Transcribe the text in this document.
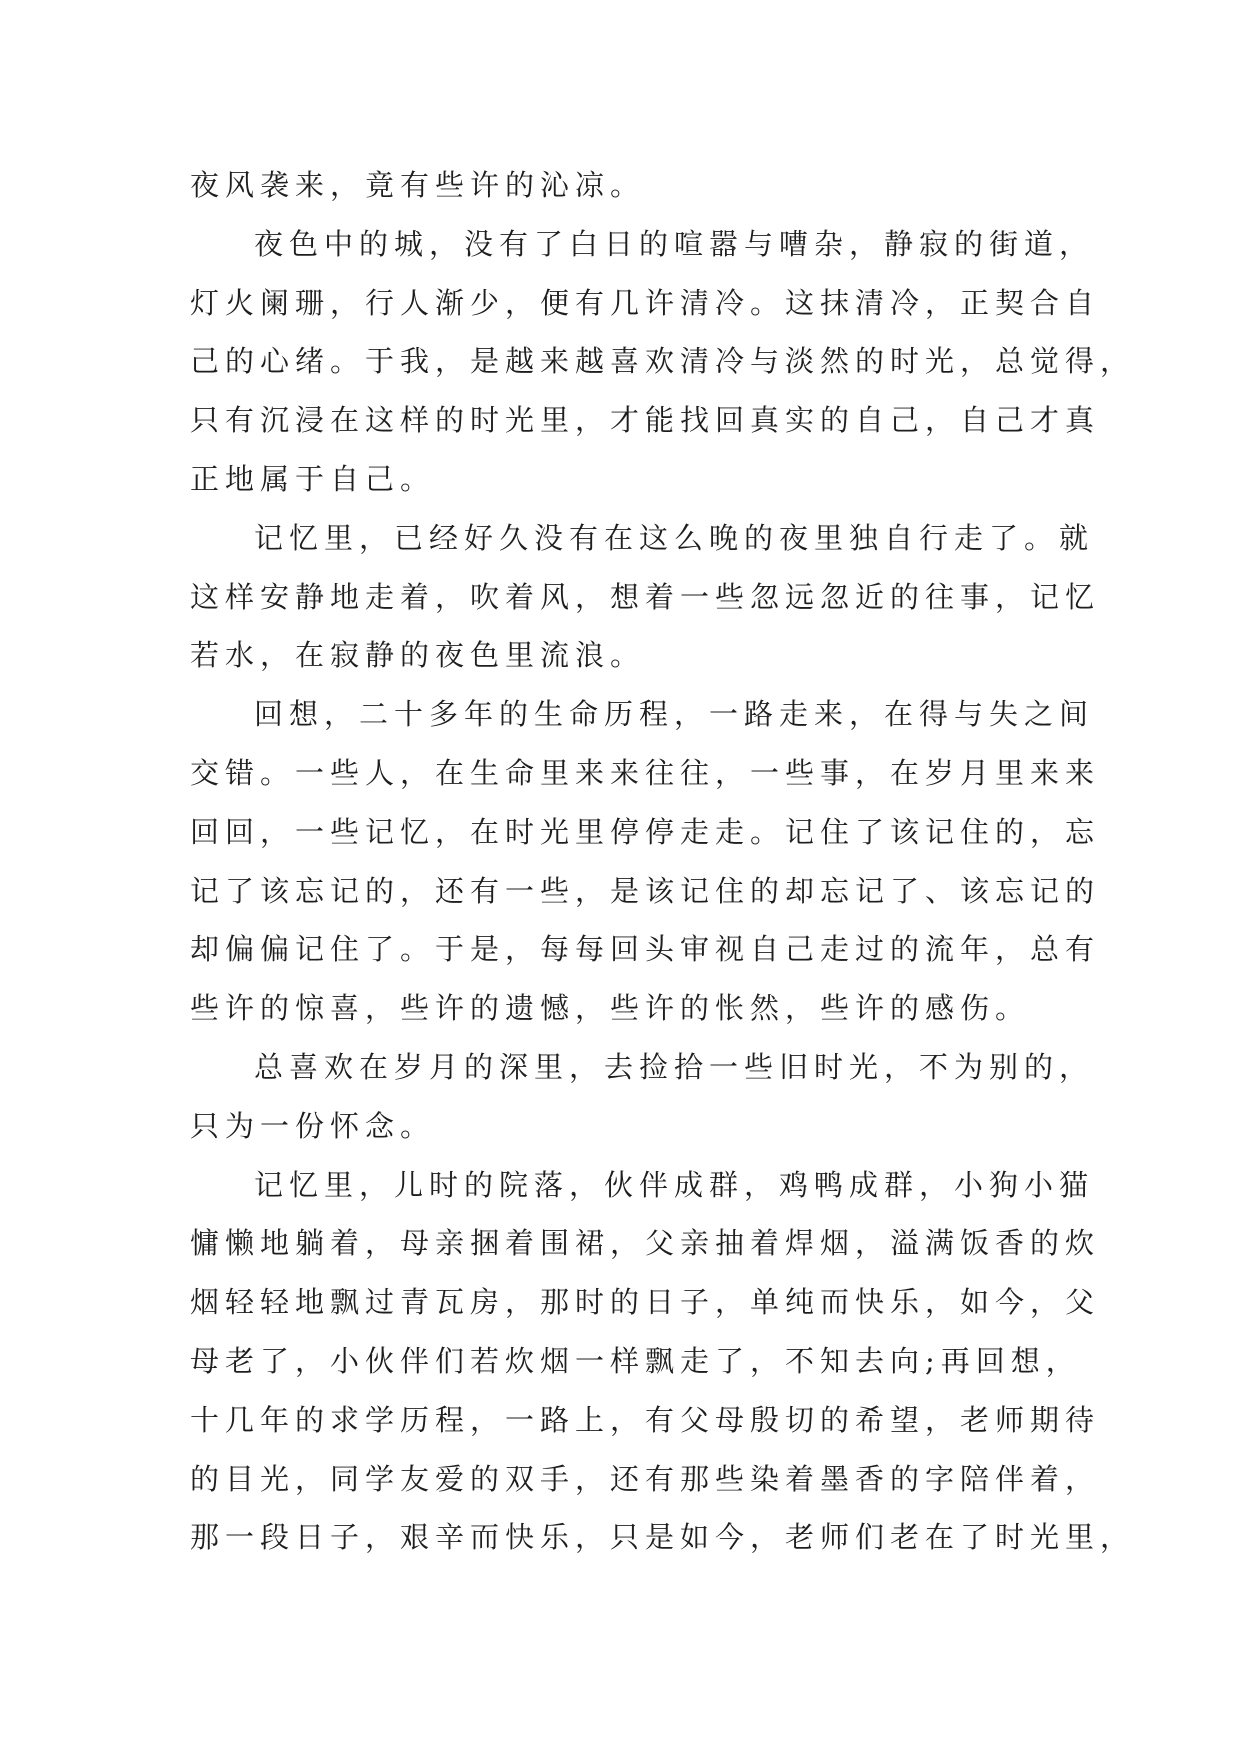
夜风袭来，竟有些许的沁凉。

夜色中的城，没有了白日的喧嚣与嘈杂，静寂的街道，
灯火阑珊，行人渐少，便有几许清冷。这抹清冷，正契合自
己的心绪。于我，是越来越喜欢清冷与淡然的时光，总觉得，
只有沉浸在这样的时光里，才能找回真实的自己，自己才真
正地属于自己。

记忆里，已经好久没有在这么晚的夜里独自行走了。就
这样安静地走着，吹着风，想着一些忽远忽近的往事，记忆
若水，在寂静的夜色里流浪。

回想，二十多年的生命历程，一路走来，在得与失之间
交错。一些人，在生命里来来往往，一些事，在岁月里来来
回回，一些记忆，在时光里停停走走。记住了该记住的，忘
记了该忘记的，还有一些，是该记住的却忘记了、该忘记的
却偏偏记住了。于是，每每回头审视自己走过的流年，总有
些许的惊喜，些许的遗憾，些许的怅然，些许的感伤。

总喜欢在岁月的深里，去捡拾一些旧时光，不为别的，
只为一份怀念。

记忆里，儿时的院落，伙伴成群，鸡鸭成群，小狗小猫
慵懒地躺着，母亲捆着围裙，父亲抽着焊烟，溢满饭香的炊
烟轻轻地飘过青瓦房，那时的日子，单纯而快乐，如今，父
母老了，小伙伴们若炊烟一样飘走了，不知去向;再回想，
十几年的求学历程，一路上，有父母殷切的希望，老师期待
的目光，同学友爱的双手，还有那些染着墨香的字陪伴着，
那一段日子，艰辛而快乐，只是如今，老师们老在了时光里，
